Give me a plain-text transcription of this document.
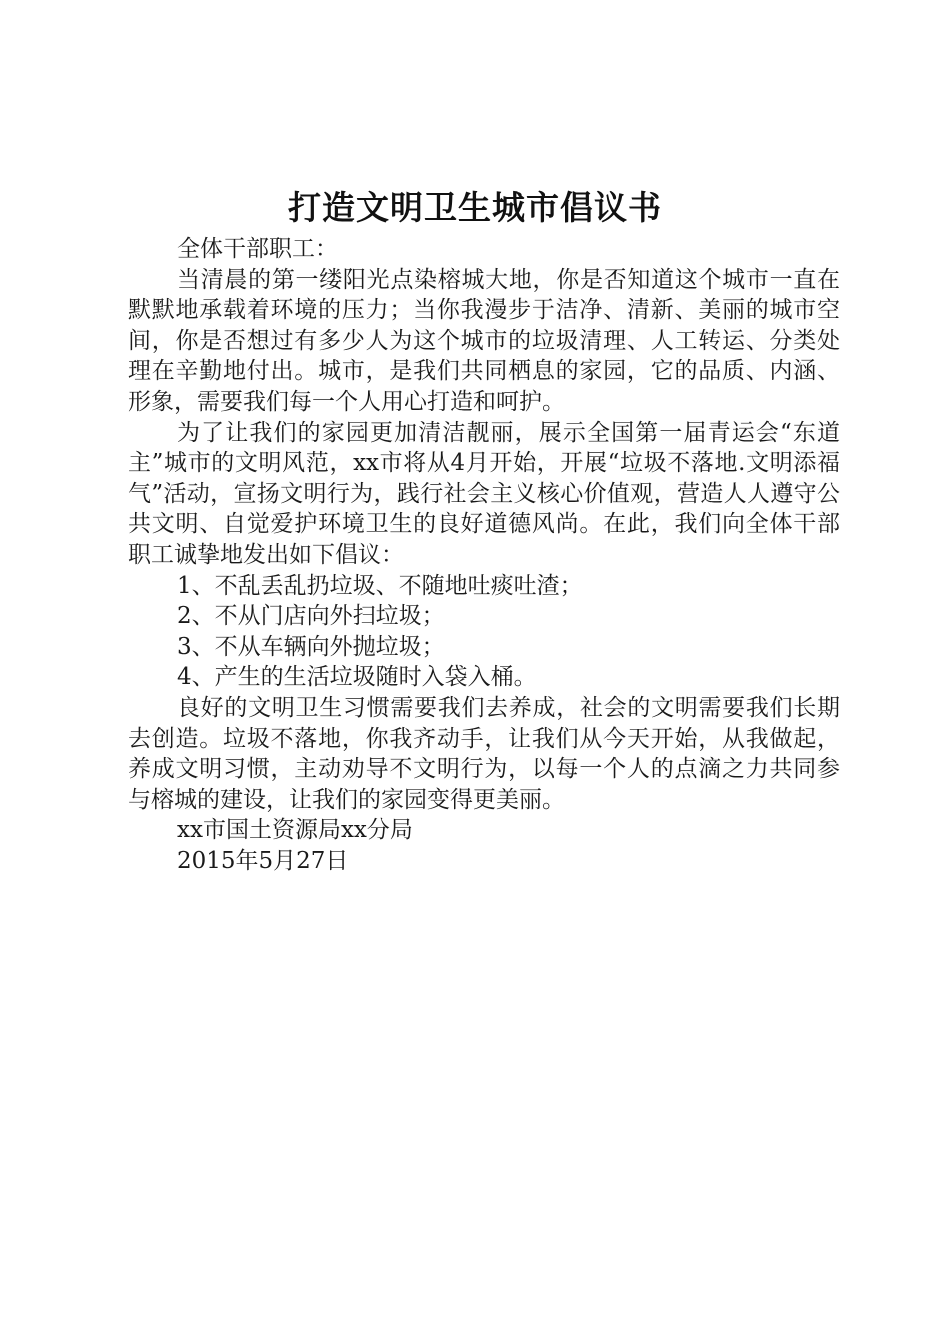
打造文明卫生城市倡议书

全体干部职工：

当清晨的第一缕阳光点染榕城大地，你是否知道这个城市一直在默默地承载着环境的压力；当你我漫步于洁净、清新、美丽的城市空间，你是否想过有多少人为这个城市的垃圾清理、人工转运、分类处理在辛勤地付出。城市，是我们共同栖息的家园，它的品质、内涵、形象，需要我们每一个人用心打造和呵护。

为了让我们的家园更加清洁靓丽，展示全国第一届青运会“东道主”城市的文明风范，xx市将从4月开始，开展“垃圾不落地.文明添福气”活动，宣扬文明行为，践行社会主义核心价值观，营造人人遵守公共文明、自觉爱护环境卫生的良好道德风尚。在此，我们向全体干部职工诚挚地发出如下倡议：

1、不乱丢乱扔垃圾、不随地吐痰吐渣；

2、不从门店向外扫垃圾；

3、不从车辆向外抛垃圾；

4、产生的生活垃圾随时入袋入桶。

良好的文明卫生习惯需要我们去养成，社会的文明需要我们长期去创造。垃圾不落地，你我齐动手，让我们从今天开始，从我做起，养成文明习惯，主动劝导不文明行为，以每一个人的点滴之力共同参与榕城的建设，让我们的家园变得更美丽。

xx市国土资源局xx分局

2015年5月27日
